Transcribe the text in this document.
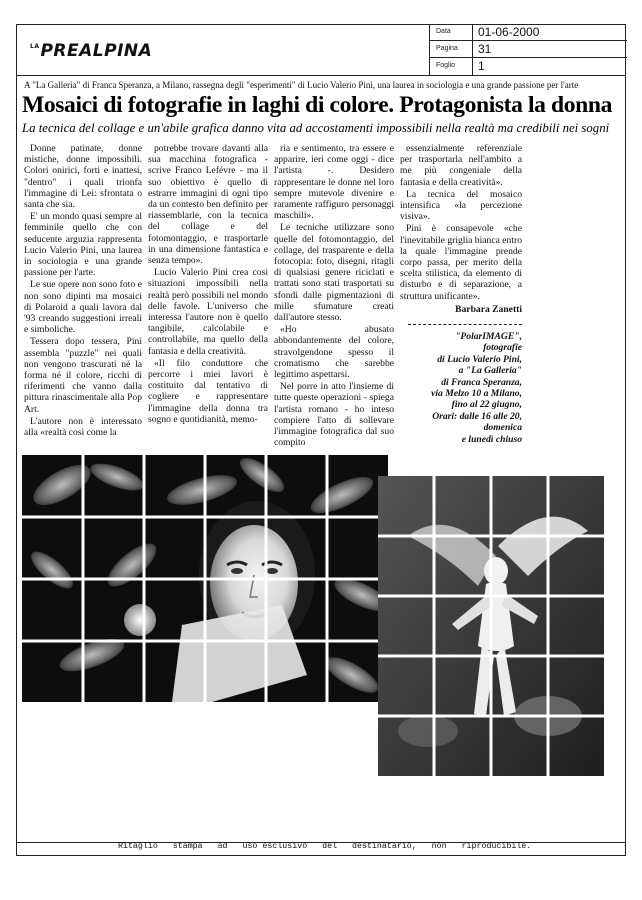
$^{LA}$PREALPINA
Data 01-06-2000
Pagina 31
Foglio 1
A "La Galleria" di Franca Speranza, a Milano, rassegna degli "esperimenti" di Lucio Valerio Pini, una laurea in sociologia e una grande passione per l'arte
Mosaici di fotografie in laghi di colore. Protagonista la donna
La tecnica del collage e un'abile grafica danno vita ad accostamenti impossibili nella realtà ma credibili nei sogni

Donne patinate, donne mistiche, donne impossibili. Colori onirici, forti e inattesi, "dentro" i quali trionfa l'immagine di Lei: sfrontata o santa che sia.

E' un mondo quasi sempre al femminile quello che con seducente arguzia rappresenta Lucio Valerio Pini, una laurea in sociologia e una grande passione per l'arte.

Le sue opere non sono foto e non sono dipinti ma mosaici di Polaroid a quali lavora dal '93 creando suggestioni irreali e simboliche.

Tessera dopo tessera, Pini assembla "puzzle" nei quali non vengono trascurati né la forma né il colore, ricchi di riferimenti che vanno dalla pittura rinascimentale alla Pop Art.

L'autore non è interessato alla «realtà così come la

potrebbe trovare davanti alla sua macchina fotografica - scrive Franco Lefévre - ma il suo obiettivo è quello di estrarre immagini di ogni tipo da un contesto ben definito per riassemblarle, con la tecnica del collage e del fotomontaggio, e trasportarle in una dimensione fantastica e senza tempo».

Lucio Valerio Pini crea così situazioni impossibili nella realtà però possibili nel mondo delle favole. L'universo che interessa l'autore non è quello tangibile, calcolabile e controllabile, ma quello della fantasia e della creatività.

«Il filo conduttore che percorre i miei lavori è costituito dal tentativo di cogliere e rappresentare l'immagine della donna tra sogno e quotidianità, memo-

ria e sentimento, tra essere e apparire, ieri come oggi - dice l'artista -. Desidero rappresentare le donne nel loro sempre mutevole divenire e raramente raffiguro personaggi maschili».

Le tecniche utilizzare sono quelle del fotomontaggio, del collage, del trasparente e della fotocopia: foto, disegni, ritagli di qualsiasi genere riciclati e trattati sono stati trasportati su sfondi dalle pigmentazioni di mille sfumature creati dall'autore stesso.

«Ho abusato abbondantemente del colore, stravolgendone spesso il cromatismo che sarebbe legittimo aspettarsi.

Nel porre in atto l'insieme di tutte queste operazioni - spiega l'artista romano - ho inteso compiere l'atto di sollevare l'immagine fotografica dal suo compito

essenzialmente referenziale per trasportarla nell'ambito a me più congeniale della fantasia e della creatività».

La tecnica del mosaico intensifica «la percezione visiva».

Pini è consapevole «che l'inevitabile griglia bianca entro la quale l'immagine prende corpo passa, per merito della scelta stilistica, da elemento di disturbo e di separazione, a struttura unificante».

Barbara Zanetti
"PolarIMAGE",
fotografie
di Lucio Valerio Pini,
a "La Galleria"
di Franca Speranza,
via Melzo 10 a Milano,
fino al 22 giugno,
Orari: dalle 16 alle 20,
domenica
e lunedì chiuso
Ritaglio   stampa   ad   uso esclusivo   del   destinatario,   non   riproducibile.
